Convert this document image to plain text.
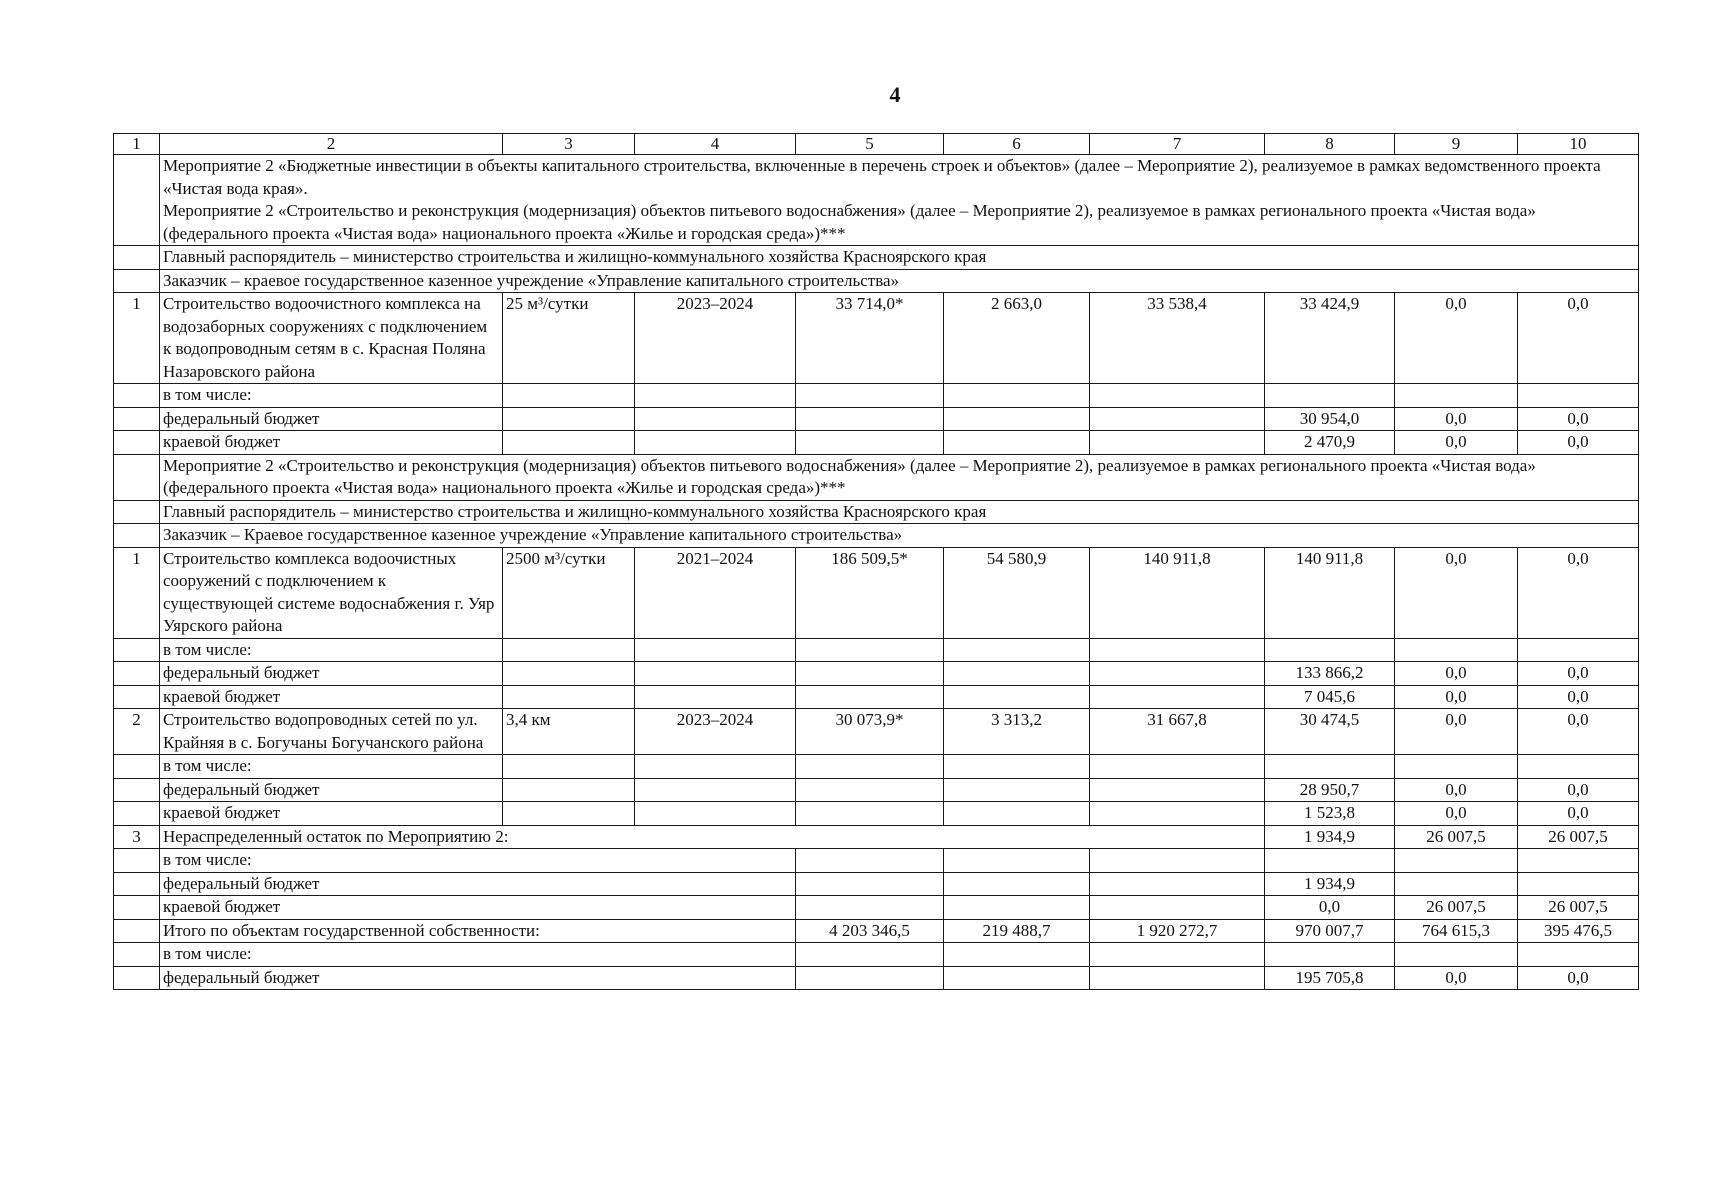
4
1	2	3	4	5	6	7	8	9	10

	Мероприятие 2 «Бюджетные инвестиции в объекты капитального строительства, включенные в перечень строек и объектов» (далее – Мероприятие 2), реализуемое в рамках ведомственного проекта «Чистая вода края».
Мероприятие 2 «Строительство и реконструкция (модернизация) объектов питьевого водоснабжения» (далее – Мероприятие 2), реализуемое в рамках регионального проекта «Чистая вода» (федерального проекта «Чистая вода» национального проекта «Жилье и городская среда»)***								

	Главный распорядитель – министерство строительства и жилищно-коммунального хозяйства Красноярского края								
	Заказчик – краевое государственное казенное учреждение «Управление капитального строительства»								
1	Строительство водоочистного комплекса на водозаборных сооружениях с подключением к водопроводным сетям в с. Красная Поляна Назаровского района	25 м³/сутки	2023–2024	33 714,0*	2 663,0	33 538,4	33 424,9	0,0	0,0
	в том числе:								
	федеральный бюджет						30 954,0	0,0	0,0
	краевой бюджет						2 470,9	0,0	0,0
	Мероприятие 2 «Строительство и реконструкция (модернизация) объектов питьевого водоснабжения» (далее – Мероприятие 2), реализуемое в рамках регионального проекта «Чистая вода» (федерального проекта «Чистая вода» национального проекта «Жилье и городская среда»)***								
	Главный распорядитель – министерство строительства и жилищно-коммунального хозяйства Красноярского края								
	Заказчик – Краевое государственное казенное учреждение «Управление капитального строительства»								
1	Строительство комплекса водоочистных сооружений с подключением к существующей системе водоснабжения г. Уяр Уярского района	2500 м³/сутки	2021–2024	186 509,5*	54 580,9	140 911,8	140 911,8	0,0	0,0
	в том числе:								
	федеральный бюджет						133 866,2	0,0	0,0
	краевой бюджет						7 045,6	0,0	0,0
2	Строительство водопроводных сетей по ул. Крайняя в с. Богучаны Богучанского района	3,4 км	2023–2024	30 073,9*	3 313,2	31 667,8	30 474,5	0,0	0,0
	в том числе:								
	федеральный бюджет						28 950,7	0,0	0,0
	краевой бюджет						1 523,8	0,0	0,0
3	Нераспределенный остаток по Мероприятию 2:						1 934,9	26 007,5	26 007,5
	в том числе:								
	федеральный бюджет						1 934,9		
	краевой бюджет						0,0	26 007,5	26 007,5
	Итого по объектам государственной собственности:			4 203 346,5	219 488,7	1 920 272,7	970 007,7	764 615,3	395 476,5
	в том числе:								
	федеральный бюджет						195 705,8	0,0	0,0
